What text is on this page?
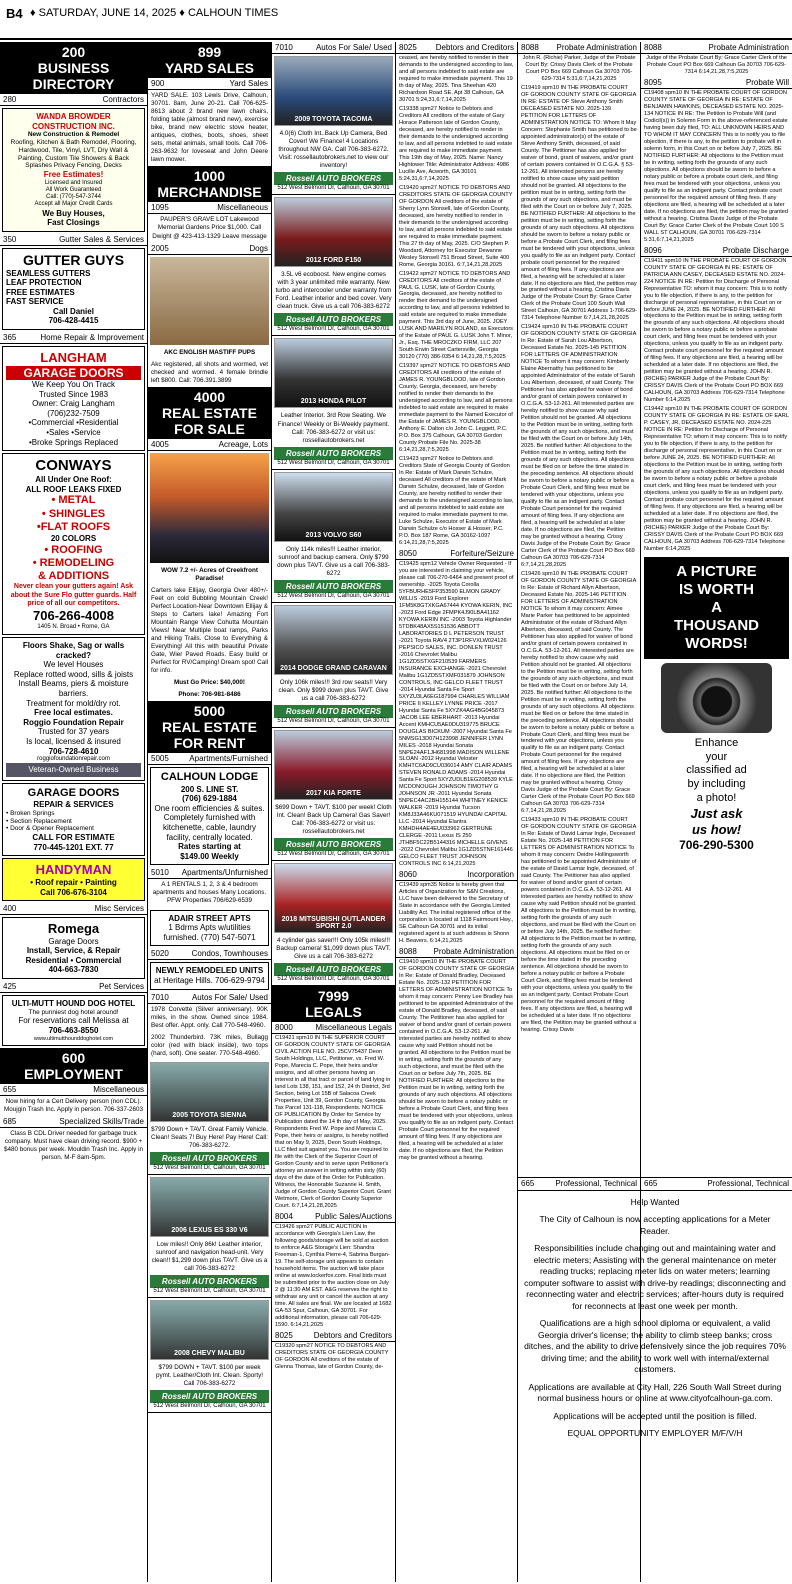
B4 ♦ SATURDAY, JUNE 14, 2025 ♦ CALHOUN TIMES
200
BUSINESS DIRECTORY
280	Contractors
WANDA BROWDER
CONSTRUCTION INC.
New Construction & Remodel
Roofing, Kitchen & Bath Remodel, Flooring,
Hardwood, Tile, Vinyl, LVT, Dry Wall & Painting, Custom Tile Showers & Back Splashes Privacy Fencing, Decks
Free Estimates!
Licensed and Insured
All Work Guaranteed
Call: (770)-547-3744
Accept all Major Credit Cards
We Buy Houses,
Fast Closings
350	Gutter Sales & Services
GUTTER GUYS
SEAMLESS GUTTERS
LEAF PROTECTION
FREE ESTIMATES
FAST SERVICE
Call Daniel
706-428-4415
365	Home Repair & Improvement
LANGHAM
GARAGE DOORS
We Keep You On Track
Trusted Since 1983
Owner: Craig Langham
(706)232-7509
•Commercial •Residential
•Sales •Service
•Broke Springs Replaced
CONWAYS
All Under One Roof:
ALL ROOF LEAKS FIXED
• METAL
• SHINGLES
•FLAT ROOFS
20 COLORS
• ROOFING
• REMODELING
& ADDITIONS
Never clean your gutters again! Ask about the Sure Flo gutter guards. Half price of all our competitors.
706-266-4008
1405 N. Broad • Rome, GA
Floors Shake, Sag or walls cracked?
We level Houses
Replace rotted wood, sills & joists
Install Beams, piers & moisture barriers.
Treatment for mold/dry rot.
Free local estimates.
Roggio Foundation Repair
Trusted for 37 years
Is local, licensed & insured
706-728-4610
roggiofoundationrepair.com
Veteran-Owned Business
GARAGE DOORS
REPAIR & SERVICES
• Broken Springs
• Section Replacement
• Door & Opener Replacement
CALL FOR ESTIMATE
770-445-1201 EXT. 77
HANDYMAN
• Roof repair • Painting
Call 706-676-3104
400	Misc Services
Romega
Garage Doors
Install, Service, & Repair
Residential • Commercial
404-663-7830
425	Pet Services
ULTI-MUTT HOUND DOG HOTEL
The punniest dog hotel around!
For reservations call Melissa at
706-463-8550
www.ultimutthounddoghotel.com
600
EMPLOYMENT
655	Miscellaneous
Now hiring for a Cert Delivery person (non CDL). Moujgin Trash Inc. Apply in person. 706-337-2603
685	Specialized Skills/Trade
Class B CDL Driver needed for garbage truck company. Must have clean driving record. $900 + $480 bonus per week. Mouldin Trash Inc. Apply in person. M-F 8am-5pm.
899
YARD SALES
900	Yard Sales
YARD SALE. 103 Lewis Drive, Calhoun, 30701. 8am, June 20-21. Call 706-625-8613 about 2 brand new lawn chairs, folding table (almost brand new), exercise bike, brand new electric stove heater, antiques, clothes, boots, shoes, sheet sets, metal animals, small tools. Call 706-263-9632 for loveseat and John Deere lawn mower.
1000
MERCHANDISE
1095	Miscellaneous
PAUPER'S GRAVE LOT Lakewood Memorial Gardens Price $1,000. Call Dwight @ 423-413-1329 Leave message
2005	Dogs
AKC ENGLISH MASTIFF PUPS
Akc registered, all shots and wormed, vet checked and wormed. 4 female brindle left $800. Call: 706.391.3899
4000
REAL ESTATE FOR SALE
4005	Acreage, Lots
WOW 7.2 +/- Acres of Creekfront Paradise!
Carters lake Ellijay, Georgia Over 480+/- Feet on cold Bubbling Mountain Creek! Perfect Location-Near Downtown Ellijay & Steps to Carters lake! Amazing Fort Mountain Range View Cohutta Mountain Views! Near Multiple boat ramps, Parks and Hiking Trails. Close to Everything & Everything! All this with beautiful Private Gate, Wier Paved Roads. Easy build or Perfect for RV/Camping! Dream spot! Call for info.
Must Go Price: $40,000!
Phone: 706-981-8486
5000
REAL ESTATE FOR RENT
5005	Apartments/Furnished
CALHOUN LODGE
200 S. LINE ST.
(706) 629-1884
One room efficiencies & suites. Completely furnished with kitchenette, cable, laundry facility, centrally located.
Rates starting at
$149.00 Weekly
5010 Apartments/Unfurnished
A 1 RENTALS 1, 2, 3 & 4 bedroom apartments and houses Many Locations. PFW Properties 706/629-6539
ADAIR STREET APTS
1 Bdrms Apts w/utilities
furnished. (770) 547-5071
5020	Condos, Townhouses
NEWLY REMODELED UNITS
at Heritage Hills. 706-629-9794
7010	Autos For Sale/ Used
1978 Corvette (Silver anniversary). 90K miles, in the show. Owned since 1984. Best offer. Appt. only. Call 770-548-4960.
2002 Thunderbird. 73K miles, Bullagg color (red with black inside), two tops (hard, soft). One seater. 770-548-4960.
2005 TOYOTA SIENNA
$799 Down + TAVT. Great Family Vehicle. Clean! Seats 7! Buy Here! Pay Here! Call: 706-383-6272.
Rossell AUTO BROKERS
512 West Belmont Dr, Calhoun, GA 30701
2006 LEXUS ES 330 V6
Low miles!! Only 86k! Leather interior, sunroof and navigation head-unit. Very clean!! $1,299 down plus TAVT. Give us a call 706-383-6272
Rossell AUTO BROKERS
512 West Belmont Dr, Calhoun, GA 30701
2008 CHEVY MALIBU
$799 DOWN + TAVT. $100 per week pymt. Leather/Cloth Int. Clean. Sporty! Call 706-383-6272
Rossell AUTO BROKERS
512 West Belmont Dr, Calhoun, GA 30701
7010	Autos For Sale/ Used
2009 TOYOTA TACOMA
4.0(6) Cloth Int..Back Up Camera, Bed Cover! We Finance! 4 Locations throughout NW GA. Call 706-383-6272. Visit: rossellautobrokers.net to view our inventory!
Rossell AUTO BROKERS
512 West Belmont Dr, Calhoun, GA 30701
2012 FORD F150
3.5L v6 ecoboost. New engine comes with 3 year unlimited mile warranty. New turbo and intercooler under warranty from Ford. Leather interior and bed cover. Very clean truck. Give us a call 706-383-6272
Rossell AUTO BROKERS
512 West Belmont Dr, Calhoun, GA 30701
2013 HONDA PILOT
Leather Interior. 3rd Row Seating. We Finance! Weekly or Bi-Weekly payment. Call: 706-383-6272 or visit us: rossellautobrokers.net
Rossell AUTO BROKERS
512 West Belmont Dr, Calhoun, GA 30701
2013 VOLVO S60
Only 114k miles!!! Leather interior, sunroof and backup camera. Only $799 down plus TAVT. Give us a call 706-383-6272
Rossell AUTO BROKERS
512 West Belmont Dr, Calhoun, GA 30701
2014 DODGE GRAND CARAVAN
Only 106k miles!!! 3rd row seats!! Very clean. Only $999 down plus TAVT. Give us a call 706-383-6272
Rossell AUTO BROKERS
512 West Belmont Dr, Calhoun, GA 30701
2017 KIA FORTE
$699 Down + TAVT. $100 per week! Cloth Int. Clean! Back Up Camera! Gas Saver! Call: 706-383-6272 or visit us: rossellautobrokers.net
Rossell AUTO BROKERS
512 West Belmont Dr, Calhoun, GA 30701
2018 MITSUBISHI OUTLANDER SPORT 2.0
4 cylinder gas saver!!! Only 105k miles!!! Backup camera! $1,099 down plus TAVT. Give us a call 706-383-6272
Rossell AUTO BROKERS
512 West Belmont Dr, Calhoun, GA 30701
7999
LEGALS
8000	Miscellaneous Legals
C19421 spm10 IN THE SUPERIOR COURT OF GORDON COUNTY STATE OF GEORGIA CIVIL ACTION FILE NO. 25CV75437 Deon South Holdings, LLC, Petitioner, vs. Fred W. Pope, Marecia C. Pope, their heirs and/or assigns, and all other persons having an interest in all that tract or parcel of land lying in land Lots 138, 151, and 152, 24 th District, 3rd Section, being Lot 15B of Salacoa Creek Properties, Unit 39, Gordon County, Georgia. Tax Parcel 131-118, Respondents. NOTICE OF PUBLICATION By Order for Service by Publication dated the 14 th day of May, 2025. Respondents Fred W. Pope and Marecia C. Pope, their heirs or assigns, is hereby notified that on May 9, 2025, Deon South Holdings, LLC filed suit against you. You are required to file with the Clerk of the Superior Court of Gordon County and to serve upon Petitioner's attorney an answer in writing within sixty (60) days of the date of the Order for Publication. Witness, the Honorable Suzanne H. Smith, Judge of Gordon County Superior Court. Grant Wetmore, Clerk of Gordon County Superior Court. 6:7,14,21,28,2025
8004	Public Sales/Auctions
C19426 spm27 PUBLIC AUCTION In accordance with Georgia's Lien Law, the following goods/storage will be sold at auction to enforce A&G Storage's Lien: Shandra Freeman-1, Cynthia Pierre-4, Sabrina Burgan-19. The self-storage unit appears to contain household items. The auction will take place online at www.lockerfox.com. Final bids must be submitted prior to the auction close on July 2 @ 11:30 AM EST. A&G reserves the right to withdraw any unit or cancel the auction at any time. All sales are final. We are located at 1682 GA-53 Spur, Calhoun, GA 30701. For additional information, please call 706-629-1590. 6:14,21,2025
8025	Debtors and Creditors
C19320 spm27 NOTICE TO DEBTORS AND CREDITORS STATE OF GEORGIA COUNTY OF GORDON All creditors of the estate of Glenna Thomas, late of Gordon County, de-
8025 Debtors and Creditors
ceased, are hereby notified to render in their demands to the undersigned according to law, and all persons indebted to said estate are required to make immediate payment. This 19 th day of May, 2025. Tina Sheehan 420 Richardson Road SE, Apt 38 Calhoun, GA 30701 5:24,31,6:7,14,2025
C19338 spm27 Notice to Debtors and Creditors All creditors of the estate of Gary Horace Patterson late of Gordon County, deceased, are hereby notified to render in their demands to the undersigned according to law, and all persons indebted to said estate are required to make immediate payment. This 19th day of May, 2025. Name: Nancy Hightower Title: Administrator Address: 4986 Lucille Ave, Acworth, GA 30101 5:24,31,6:7,14,2025
C19420 spm27 NOTICE TO DEBTORS AND CREDITORS STATE OF GEORGIA COUNTY OF GORDON All creditors of the estate of Sherry Lynn Stonsell, late of Gordon County, deceased, are hereby notified to render in their demands to the undersigned according to law, and all persons indebted to said estate are required to make immediate payment. This 27 th day of May, 2025. C/O Stephen P. Woodard, Attorney for Executor Dewanne Wesley Stonsell 751 Broad Street, Suite 400 Rome, Georgia 30161. 6:7,14,21,28,2025
C19422 spm27 NOTICE TO DEBTORS AND CREDITORS All creditors of the estate of PAUL G. LUSK, late of Gordon County, Georgia, deceased, are hereby notified to render their demand to the undersigned according to law, and all persons indebted to said estate are required to make immediate payment. This 3rd day of June, 2025. JOEY LUSK AND MARILYN ROLAND, as Executors of the Estate of PAUL G. LUSK John T. Minor, Jr., Esq. THE MROCZKO FIRM, LLC 207 South Erwin Street Cartersville, Georgia 30120 (770) 386-0354 6:14,21,28,7:5,2025
C19397 spm27 NOTICE TO DEBTORS AND CREDITORS All creditors of the estate of JAMES R. YOUNGBLOOD, late of Gordon County, Georgia, deceased, are hereby notified to render their demands to the undersigned according to law, and all persons indebted to said estate are required to make immediate payment to the Named Executor of the Estate of JAMES R. YOUNGBLOOD. Anthony E. Dalton c/o John C. Leggett, P.C. P.O. Box 375 Calhoun, GA 30703 Gordon County Probate File No. 2025-38 6:14,21,28,7:5,2025
C19423 spm27 Notice to Debtors and Creditors State of Georgia County of Gordon In Re: Estate of Mark Darwin Schulze, deceased All creditors of the estate of Mark Darwin Schulze, deceased, late of Gordon County, are hereby notified to render their demands to the undersigned according to law, and all persons indebted to said estate are required to make immediate payment to me. Luke Schulze, Executor of Estate of Mark Darwin Schulze c/o Hosser & Hosser, P.C. P.O. Box 187 Rome, GA 30162-1097 6:14,21,28,7:5,2025
8050	Forfeiture/Seizure
C19425 spm12 Vehicle Owner Requested - If you are interested in claiming your vehicle, please call 706-270-6464 and present proof of ownership. -2025 Toyota Corolla 5YFBURHE5FP353590 ELMON GRADY WILLIS -2019 Ford Explorer 1FM5K8GTXKGA67444 KYOWA KERIN, INC -2023 Ford Edge 2FMPK4J90LBA41162 KYOWA KERIN INC -2003 Toyota Highlander 5TDBK48AX5S151536 ABBOTT LABORATORIES D L PETERSON TRUST -2021 Toyota RAV4 2T3P1RFVXLW024126 PEPSICO SALES, INC. DONLEN TRUST -2016 Chevrolet Malibu 1G1ZD5STXGF210539 FARMERS INSURANCE EXCHANGE -2021 Chevrolet Malibu 1G1ZD5STXMF031879 JOHNSON CONTROLS, INC GELCO FLEET TRUST -2014 Hyundai Santa Fe Sport 5XYZU3LA6EG187994 CHARLES WILLIAM PRICE II KELLEY LYNNE PRICE -2017 Hyundai Santa Fe 5XYZK4AG4BG045873 JACOB LEE EBERHART -2013 Hyundai Accent KMHCU5AE0DU319775 BRUCE DOUGLAS BICKUM -2007 Hyundai Santa Fe 5NMSG13D07H123998 JENNIFER LYNN MILES -2018 Hyundai Sonata 5NPE24AF1JH681998 MADISON WILLENE SLOAN -2012 Hyundai Veloster KMHTC6AD9CU036014 AMY CLAIR ADAMS STEVEN RONALD ADAMS -2014 Hyundai Santa Fe Sport 5XYZUDLB1EG208539 KYLE MCDONOUGH JOHNSON TIMOTHY G JOHNSON JR -2011 Hyundai Sonata 5NPEC4AC2BH155144 WHITNEY KENICE WALKER -2019 Hyundai Tucson KM8J33A46KU071519 HYUNDAI CAPITAL LLC -2014 Hyundai Elantra KMHDH4AE4EU033962 GERTRUNE CLERGE -2011 Lexus IS 250 JTHBF5C22B5144316 MICHELLE GIVENS -2022 Chevrolet Malibu 1G1ZD5STNF161446 GELCO FLEET TRUST JOHNSON CONTROLS INC 6:14,21,2025
8060	Incorporation
C19439 spm35 Notice is hereby given that Articles of Organization for S&N Creations, LLC have been delivered to the Secretary of State in accordance with the Georgia Limited Liability Act. The initial registered office of the corporation is located at 1118 Fairmount Hwy., SE Calhoun GA 30701 and its initial registered agent is at such address is Shonn H. Beavers. 6:14,21,2025
8088 Probate Administration
C19410 spm10 IN THE PROBATE COURT OF GORDON COUNTY STATE OF GEORGIA In Re: Estate of Donald Bradley, Deceased Estate No. 2025-132 PETITION FOR LETTERS OF ADMINISTRATION NOTICE To whom it may concern: Penny Lee Bradley has petitioned to be appointed Administrator of the estate of Donald Bradley, deceased, of said County. The Petitioner has also applied for waiver of bond and/or grant of certain powers contained in O.C.G.A. 53-12-261. All interested parties are hereby notified to show cause why said Petition should not be granted. All objections to the Petition must be in writing, setting forth the grounds of any such objections, and must be filed with the Court on or before July 7th, 2025. BE NOTIFIED FURTHER: All objections to the Petition must be in writing, setting forth the grounds of any such objections. All objections should be sworn to before a notary public or before a Probate Court Clerk, and filing fees must be tendered with your objections, unless you qualify to file as an indigent party. Contact Probate Court personnel for the required amount of filing fees. If any objections are filed, a hearing will be scheduled at a later date. If no objections are filed, the Petition may be granted without a hearing.
8088 Probate Administration
John R. (Richie) Parker, Judge of the Probate Court By: Crissy Davis Clerk of the Probate Court PO Box 669 Calhoun Ga 30703 706-629-7314 5:31,6:7,14,21,2025
C19419 spm10 IN THE PROBATE COURT OF GORDON COUNTY STATE OF GEORGIA IN RE: ESTATE OF Steve Anthony Smith DECEASED ESTATE NO. 2025-139 PETITION FOR LETTERS OF ADMINISTRATION NOTICE TO: Whom It May Concern: Stephanie Smith has petitioned to be appointed administrator(s) of the estate of Steve Anthony Smith, deceased, of said County. The Petitioner has also applied for waiver of bond, grant of waivers, and/or grant of certain powers contained in O.C.G.A. § 53-12-261. All interested persons are hereby notified to show cause why said petition should not be granted. All objections to the petition must be in writing, setting forth the grounds of any such objections, and must be filed with the Court on or before July 7, 2025. BE NOTIFIED FURTHER: All objections to the petition must be in writing, setting forth the grounds of any such objections. All objections should be sworn to before a notary public or before a Probate Court Clerk, and filing fees must be tendered with your objections, unless you qualify to file as an indigent party. Contact probate court personnel for the required amount of filing fees. If any objections are filed, a hearing will be scheduled at a later date. If no objections are filed, the petition may be granted without a hearing. Cristina Davis Judge of the Probate Court By: Grace Carter Clerk of the Probate Court 100 South Wall Street Calhoun, GA 30701 Address 1-706-629-7314 Telephone Number 6:7,14,21,28,2025
C19424 spm10 IN THE PROBATE COURT OF GORDON COUNTY STATE OF GEORGIA In Re: Estate of Sarah Lou Albertson, Deceased Estate No. 2025-145 PETITION FOR LETTERS OF ADMINISTRATION NOTICE To whom it may concern: Kimberly Elaine Abernathy has petitioned to be appointed Administrator of the estate of Sarah Lou Albertson, deceased, of said County. The Petitioner has also applied for waiver of bond and/or grant of certain powers contained in O.C.G.A. 53-12-261. All interested parties are hereby notified to show cause why said Petition should not be granted. All objections to the Petition must be in writing, setting forth the grounds of any such objections, and must be filed with the Court on or before July 14th, 2025. Be notified further: All objections to the Petition must be in writing, setting forth the grounds of any such objections. All objections must be filed on or before the time stated in the preceding sentence. All objections should be sworn to before a notary public or before a Probate Court Clerk, and filing fees must be tendered with your objections, unless you qualify to file as an indigent party. Contact Probate Court personnel for the required amount of filing fees. If any objections are filed, a hearing will be scheduled at a later date. If no objections are filed, the Petition may be granted without a hearing. Crissy Davis Judge of the Probate Court By: Grace Carter Clerk of the Probate Court PO Box 669 Calhoun GA 30703 706-629-7314 6:7,14,21,28,2025
C19426 spm10 IN THE PROBATE COURT OF GORDON COUNTY STATE OF GEORGIA In Re: Estate of Richard Allyn Albertson, Deceased Estate No. 2025-146 PETITION FOR LETTERS OF ADMINISTRATION NOTICE To whom it may concern: Aimee Marie Parker has petitioned to be appointed Administrator of the estate of Richard Allyn Albertson, deceased, of said County. The Petitioner has also applied for waiver of bond and/or grant of certain powers contained in O.C.G.A. 53-12-261. All interested parties are hereby notified to show cause why said Petition should not be granted. All objections to the Petition must be in writing, setting forth the grounds of any such objections, and must be filed with the Court on or before July 14, 2025. Be notified further: All objections to the Petition must be in writing, setting forth the grounds of any such objections. All objections must be filed on or before the time stated in the preceding sentence. All objections should be sworn to before a notary public or before a Probate Court Clerk, and filing fees must be tendered with your objections, unless you qualify to file as an indigent party. Contact Probate Court personnel for the required amount of filing fees. If any objections are filed, a hearing will be scheduled at a later date. If no objections are filed, the Petition may be granted without a hearing. Crissy Davis Judge of the Probate Court By: Grace Carter Clerk of the Probate Court PO Box 669 Calhoun GA 30703 706-629-7314 6:7,14,21,28,2025
C19433 spm10 IN THE PROBATE COURT OF GORDON COUNTY STATE OF GEORGIA In Re: Estate of David Lamar Ingle, Deceased Estate No. 2025-148 PETITION FOR LETTERS OF ADMINISTRATION NOTICE To whom it may concern: Deidre Hollingsworth has petitioned to be appointed Administrator of the estate of David Lamar Ingle, deceased, of said County. The Petitioner has also applied for waiver of bond and/or grant of certain powers contained in O.C.G.A. 53-12-261. All interested parties are hereby notified to show cause why said Petition should not be granted. All objections to the Petition must be in writing, setting forth the grounds of any such objections, and must be filed with the Court on or before July 14th, 2025. Be notified further: All objections to the Petition must be in writing, setting forth the grounds of any such objections. All objections must be filed on or before the time stated in the preceding sentence. All objections should be sworn to before a notary public or before a Probate Court Clerk, and filing fees must be tendered with your objections, unless you qualify to file as an indigent party. Contact Probate Court personnel for the required amount of filing fees. If any objections are filed, a hearing will be scheduled at a later date. If no objections are filed, the Petition may be granted without a hearing. Crissy Davis
8088	Probate Administration
Judge of the Probate Court By: Grace Carter Clerk of the Probate Court PO Box 669 Calhoun Ga 30703 706-629-7314 6:14,21,28,7:5,2025
8095	Probate Will
C19408 spm10 IN THE PROBATE COURT OF GORDON COUNTY STATE OF GEORGIA IN RE: ESTATE OF BENJAMIN HAWKINS, DECEASED ESTATE NO. 2025-134 NOTICE IN RE: The Petition to Probate Will (and Codicil(s)) in Solemn Form in the above-referenced estate having been duly filed, TO: ALL UNKNOWN HEIRS AND TO WHOM IT MAY CONCERN This is to notify you to file objection, if there is any, to the petition to probate will in solemn form, in this Court on or before July 7, 2025. BE NOTIFIED FURTHER: All objections to the Petition must be in writing, setting forth the grounds of any such objections. All objections should be sworn to before a notary public or before a probate court clerk, and filing fees must be tendered with your objections, unless you qualify to file as an indigent party. Contact probate court personnel for the required amount of filing fees. If any objections are filed, a hearing will be scheduled at a later date. If no objections are filed, the petition may be granted without a hearing. Cristina Davis Judge of the Probate Court By: Grace Carter Clerk of the Probate Court 100 S WALL ST CALHOUN, GA 30701 706-629-7314 5:31,6:7,14,21,2025
8096	Probate Discharge
C19411 spm10 IN THE PROBATE COURT OF GORDON COUNTY STATE OF GEORGIA IN RE: ESTATE OF PATRICIA ANN CASEY, DECEASED ESTATE NO. 2024-224 NOTICE IN RE: Petition for Discharge of Personal Representative TO: whom it may concern: This is to notify you to file objection, if there is any, to the petition for discharge of personal representative, in this Court on or before JUNE 24, 2025. BE NOTIFIED FURTHER: All objections to the Petition must be in writing, setting forth the grounds of any such objections. All objections should be sworn to before a notary public or before a probate court clerk, and filing fees must be tendered with your objections, unless you qualify to file as an indigent party. Contact probate court personnel for the required amount of filing fees. If any objections are filed, a hearing will be scheduled at a later date. If no objections are filed, the petition may be granted without a hearing. JOHN R. (RICHIE) PARKER Judge of the Probate Court By: CRISSY DAVIS Clerk of the Probate Court PO BOX 669 CALHOUN, GA 30703 Address 706-629-7314 Telephone Number 6:14,2025
C19442 spm10 IN THE PROBATE COURT OF GORDON COUNTY STATE OF GEORGIA IN RE: ESTATE OF EARL P. CASEY, JR, DECEASED ESTATE NO. 2024-225 NOTICE IN RE: Petition for Discharge of Personal Representative TO: whom it may concern: This is to notify you to file objection, if there is any, to the petition for discharge of personal representative, in this Court on or before JUNE 24, 2025. BE NOTIFIED FURTHER: All objections to the Petition must be in writing, setting forth the grounds of any such objections. All objections should be sworn to before a notary public or before a probate court clerk, and filing fees must be tendered with your objections, unless you qualify to file as an indigent party. Contact probate court personnel for the required amount of filing fees. If any objections are filed, a hearing will be scheduled at a later date. If no objections are filed, the petition may be granted without a hearing. JOHN R. (RICHIE) PARKER Judge of the Probate Court By: CRISSY DAVIS Clerk of the Probate Court PO BOX 669 CALHOUN, GA 30703 Address 706-629-7314 Telephone Number 6:14,2025
A PICTURE
IS WORTH
A
THOUSAND
WORDS!
Enhance
your
classified ad
by including
a photo!
Just ask
us how!
706-290-5300
665	Professional, Technical 665	Professional, Technical

Help Wanted

The City of Calhoun is now accepting applications for a Meter Reader.

Responsibilities include changing out and maintaining water and electric meters; Assisting with the general maintenance on meter reading trucks; replacing meter lids on water meters; learning computer software to assist with drive-by readings; disconnecting and reconnecting water and electric services; after-hours duty is required for reconnects at least one week per month.

Qualifications are a high school diploma or equivalent, a valid Georgia driver's license; the ability to climb steep banks; cross ditches, and the ability to drive defensively since the job requires 70% driving time; and the ability to work well with internal/external customers.

Applications are available at City Hall, 226 South Wall Street during normal business hours or online at www.cityofcalhoun-ga.com.

Applications will be accepted until the position is filled.

EQUAL OPPORTUNITY EMPLOYER M/F/V/H
